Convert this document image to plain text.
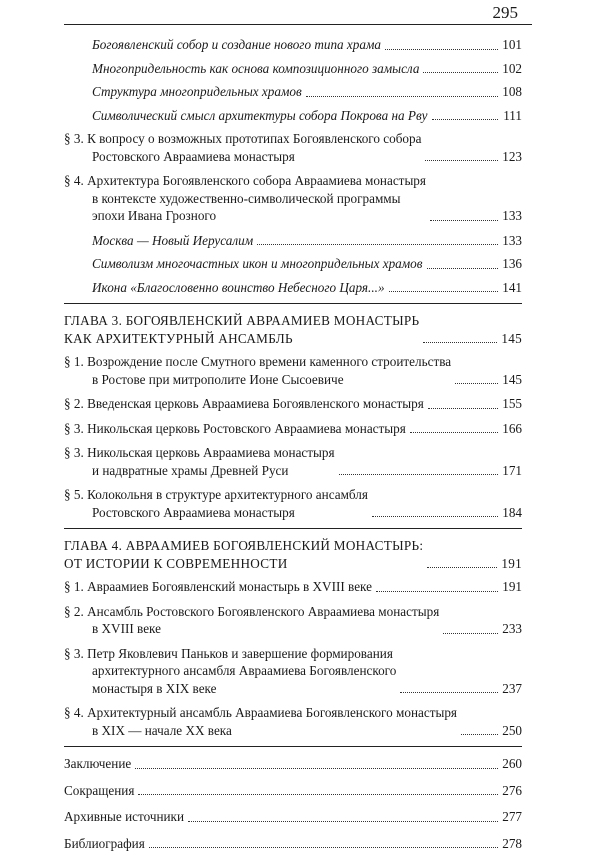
295
Богоявленский собор и создание нового типа храма	101
Многопридельность как основа композиционного замысла	102
Структура многопридельных храмов	108
Символический смысл архитектуры собора Покрова на Рву	111
§ 3. К вопросу о возможных прототипах Богоявленского собора
Ростовского Авраамиева монастыря	123
§ 4. Архитектура Богоявленского собора Авраамиева монастыря
в контексте художественно-символической программы
эпохи Ивана Грозного	133
Москва — Новый Иерусалим	133
Символизм многочастных икон и многопридельных храмов	136
Икона «Благословенно воинство Небесного Царя...»	141
ГЛАВА 3. БОГОЯВЛЕНСКИЙ АВРААМИЕВ МОНАСТЫРЬ
КАК АРХИТЕКТУРНЫЙ АНСАМБЛЬ	145
§ 1. Возрождение после Смутного времени каменного строительства
в Ростове при митрополите Ионе Сысоевиче	145
§ 2. Введенская церковь Авраамиева Богоявленского монастыря	155
§ 3. Никольская церковь Ростовского Авраамиева монастыря	166
§ 3. Никольская церковь Авраамиева монастыря
и надвратные храмы Древней Руси	171
§ 5. Колокольня в структуре архитектурного ансамбля
Ростовского Авраамиева монастыря	184
ГЛАВА 4. АВРААМИЕВ БОГОЯВЛЕНСКИЙ МОНАСТЫРЬ:
ОТ ИСТОРИИ К СОВРЕМЕННОСТИ	191
§ 1. Авраамиев Богоявленский монастырь в XVIII веке	191
§ 2. Ансамбль Ростовского Богоявленского Авраамиева монастыря
в XVIII веке	233
§ 3. Петр Яковлевич Паньков и завершение формирования
архитектурного ансамбля Авраамиева Богоявленского
монастыря в XIX веке	237
§ 4. Архитектурный ансамбль Авраамиева Богоявленского монастыря
в XIX — начале XX века	250
Заключение	260
Сокращения	276
Архивные источники	277
Библиография	278
